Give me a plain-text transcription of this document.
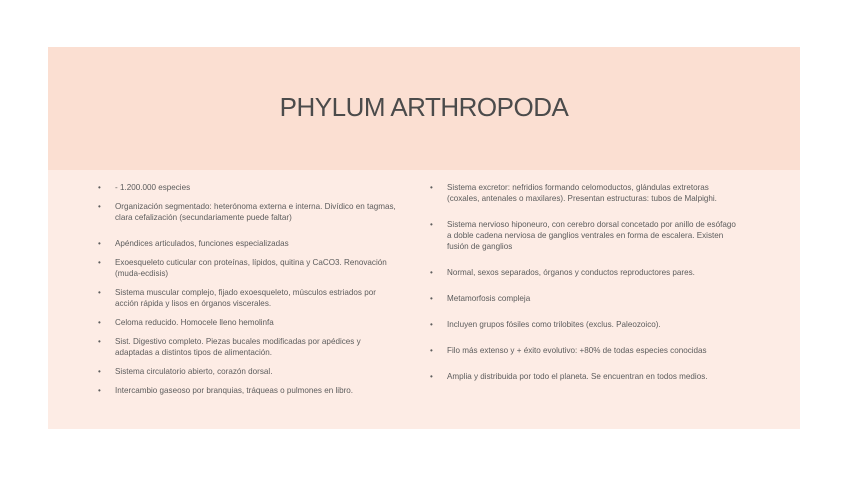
PHYLUM ARTHROPODA
• - 1.200.000 especies
• Organización segmentado: heterónoma externa e interna. Divídico en tagmas, clara cefalización (secundariamente puede faltar)
• Apéndices articulados, funciones especializadas
• Exoesqueleto cuticular con proteínas, lípidos, quitina y CaCO3. Renovación (muda-ecdisis)
• Sistema muscular complejo, fijado exoesqueleto, músculos estriados por acción rápida y lisos en órganos viscerales.
• Celoma reducido. Homocele lleno hemolinfa
• Sist. Digestivo completo. Piezas bucales modificadas por apédices y adaptadas a distintos tipos de alimentación.
• Sistema circulatorio abierto, corazón dorsal.
• Intercambio gaseoso por branquias, tráqueas o pulmones en libro.
• Sistema excretor: nefridios formando celomoductos, glándulas extretoras (coxales, antenales o maxilares). Presentan estructuras: tubos de Malpighi.
• Sistema nervioso hiponeuro, con cerebro dorsal concetado por anillo de esófago a doble cadena nerviosa de ganglios ventrales en forma de escalera. Existen fusión de ganglios
• Normal, sexos separados, órganos y conductos reproductores pares.
• Metamorfosis compleja
• Incluyen grupos fósiles como trilobites (exclus. Paleozoico).
• Filo más extenso y + éxito evolutivo: +80% de todas especies conocidas
• Amplia y distribuida por todo el planeta. Se encuentran en todos medios.
